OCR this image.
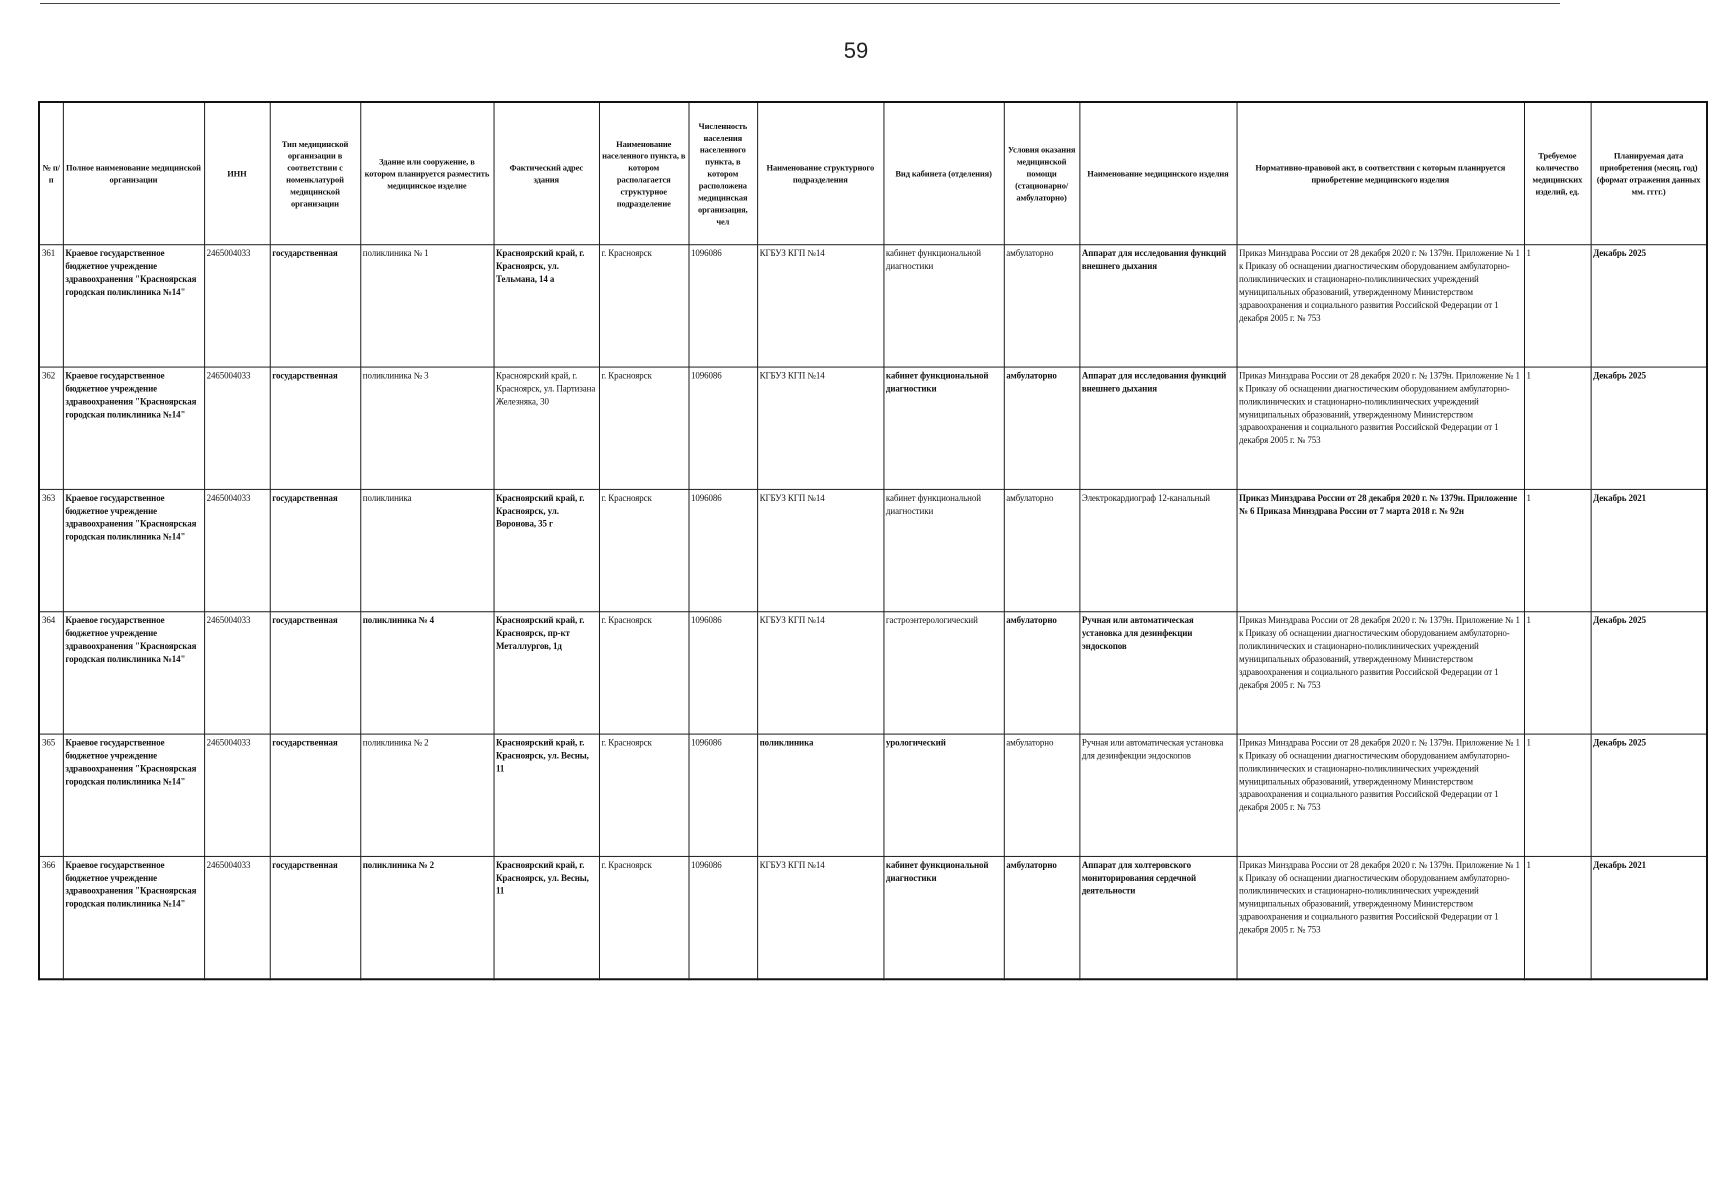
59
№ п/п	Полное наименование медицинской организации	ИНН	Тип медицинской организации в соответствии с номенклатурой медицинской организации	Здание или сооружение, в котором планируется разместить медицинское изделие	Фактический адрес здания	Наименование населенного пункта, в котором располагается структурное подразделение	Численность населения населенного пункта, в котором расположена медицинская организация, чел	Наименование структурного подразделения	Вид кабинета (отделения)	Условия оказания медицинской помощи (стационарно/ амбулаторно)	Наименование медицинского изделия	Нормативно-правовой акт, в соответствии с которым планируется приобретение медицинского изделия	Требуемое количество медицинских изделий, ед.	Планируемая дата приобретения (месяц, год) (формат отражения данных мм. гггг.)
361	Краевое государственное бюджетное учреждение здравоохранения "Красноярская городская поликлиника №14"	2465004033	государственная	поликлиника № 1	Красноярский край, г. Красноярск, ул. Тельмана, 14 а	г. Красноярск	1096086	КГБУЗ КГП №14	кабинет функциональной диагностики	амбулаторно	Аппарат для исследования функций внешнего дыхания	Приказ Минздрава России от 28 декабря 2020 г. № 1379н. Приложение № 1 к Приказу об оснащении диагностическим оборудованием амбулаторно-поликлинических и стационарно-поликлинических учреждений муниципальных образований, утвержденному Министерством здравоохранения и социального развития Российской Федерации от 1 декабря 2005 г. № 753	1	Декабрь 2025
362	Краевое государственное бюджетное учреждение здравоохранения "Красноярская городская поликлиника №14"	2465004033	государственная	поликлиника № 3	Красноярский край, г. Красноярск, ул. Партизана Железняка, 30	г. Красноярск	1096086	КГБУЗ КГП №14	кабинет функциональной диагностики	амбулаторно	Аппарат для исследования функций внешнего дыхания	Приказ Минздрава России от 28 декабря 2020 г. № 1379н. Приложение № 1 к Приказу об оснащении диагностическим оборудованием амбулаторно-поликлинических и стационарно-поликлинических учреждений муниципальных образований, утвержденному Министерством здравоохранения и социального развития Российской Федерации от 1 декабря 2005 г. № 753	1	Декабрь 2025
363	Краевое государственное бюджетное учреждение здравоохранения "Красноярская городская поликлиника №14"	2465004033	государственная	поликлиника	Красноярский край, г. Красноярск, ул. Воронова, 35 г	г. Красноярск	1096086	КГБУЗ КГП №14	кабинет функциональной диагностики	амбулаторно	Электрокардиограф 12-канальный	Приказ Минздрава России от 28 декабря 2020 г. № 1379н. Приложение № 6 Приказа Минздрава России от 7 марта 2018 г. № 92н	1	Декабрь 2021
364	Краевое государственное бюджетное учреждение здравоохранения "Красноярская городская поликлиника №14"	2465004033	государственная	поликлиника № 4	Красноярский край, г. Красноярск, пр-кт Металлургов, 1д	г. Красноярск	1096086	КГБУЗ КГП №14	гастроэнтерологический	амбулаторно	Ручная или автоматическая установка для дезинфекции эндоскопов	Приказ Минздрава России от 28 декабря 2020 г. № 1379н. Приложение № 1 к Приказу об оснащении диагностическим оборудованием амбулаторно-поликлинических и стационарно-поликлинических учреждений муниципальных образований, утвержденному Министерством здравоохранения и социального развития Российской Федерации от 1 декабря 2005 г. № 753	1	Декабрь 2025
365	Краевое государственное бюджетное учреждение здравоохранения "Красноярская городская поликлиника №14"	2465004033	государственная	поликлиника № 2	Красноярский край, г. Красноярск, ул. Весны, 11	г. Красноярск	1096086	поликлиника	урологический	амбулаторно	Ручная или автоматическая установка для дезинфекции эндоскопов	Приказ Минздрава России от 28 декабря 2020 г. № 1379н. Приложение № 1 к Приказу об оснащении диагностическим оборудованием амбулаторно-поликлинических и стационарно-поликлинических учреждений муниципальных образований, утвержденному Министерством здравоохранения и социального развития Российской Федерации от 1 декабря 2005 г. № 753	1	Декабрь 2025
366	Краевое государственное бюджетное учреждение здравоохранения "Красноярская городская поликлиника №14"	2465004033	государственная	поликлиника № 2	Красноярский край, г. Красноярск, ул. Весны, 11	г. Красноярск	1096086	КГБУЗ КГП №14	кабинет функциональной диагностики	амбулаторно	Аппарат для холтеровского мониторирования сердечной деятельности	Приказ Минздрава России от 28 декабря 2020 г. № 1379н. Приложение № 1 к Приказу об оснащении диагностическим оборудованием амбулаторно-поликлинических и стационарно-поликлинических учреждений муниципальных образований, утвержденному Министерством здравоохранения и социального развития Российской Федерации от 1 декабря 2005 г. № 753	1	Декабрь 2021
